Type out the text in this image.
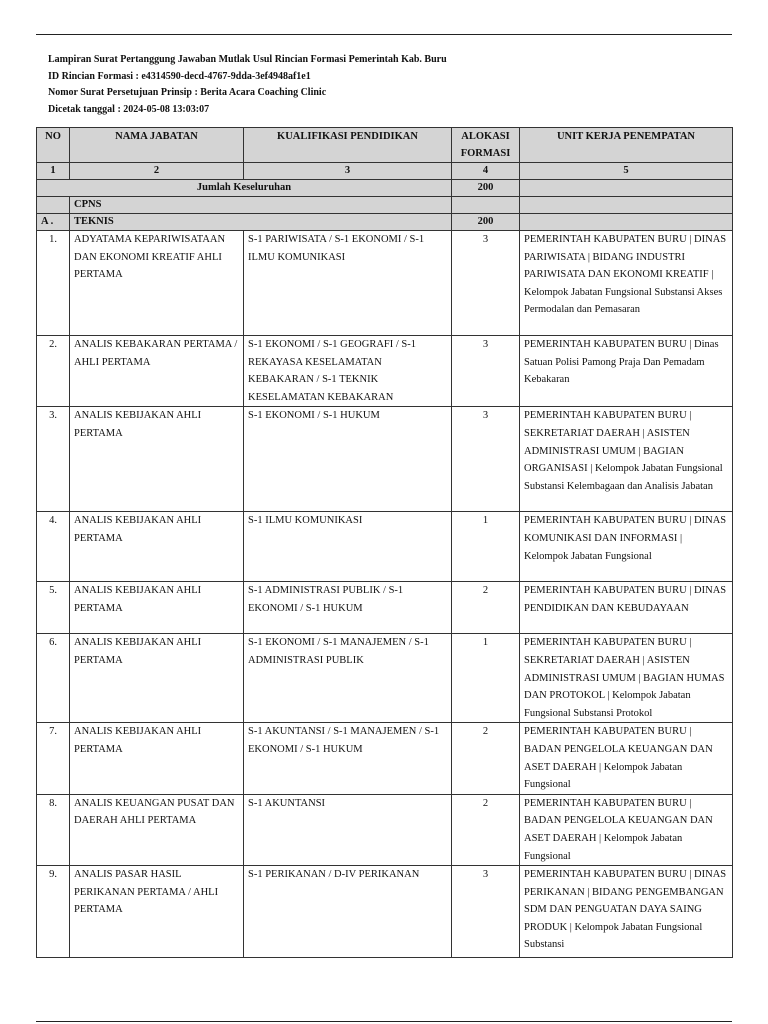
Lampiran Surat Pertanggung Jawaban Mutlak Usul Rincian Formasi Pemerintah Kab. Buru
ID Rincian Formasi : e4314590-decd-4767-9dda-3ef4948af1e1
Nomor Surat Persetujuan Prinsip : Berita Acara Coaching Clinic
Dicetak tanggal : 2024-05-08 13:03:07
NO	NAMA JABATAN	KUALIFIKASI PENDIDIKAN	ALOKASI FORMASI	UNIT KERJA PENEMPATAN
1	2	3	4	5
Jumlah Keseluruhan			200	
	CPNS			
A .	TEKNIS		200	
1.	ADYATAMA KEPARIWISATAAN DAN EKONOMI KREATIF AHLI PERTAMA	S-1 PARIWISATA / S-1 EKONOMI / S-1 ILMU KOMUNIKASI	3	PEMERINTAH KABUPATEN BURU | DINAS PARIWISATA | BIDANG INDUSTRI PARIWISATA DAN EKONOMI KREATIF | Kelompok Jabatan Fungsional Substansi Akses Permodalan dan Pemasaran
2.	ANALIS KEBAKARAN PERTAMA / AHLI PERTAMA	S-1 EKONOMI / S-1 GEOGRAFI / S-1 REKAYASA KESELAMATAN KEBAKARAN / S-1 TEKNIK KESELAMATAN KEBAKARAN	3	PEMERINTAH KABUPATEN BURU | Dinas Satuan Polisi Pamong Praja Dan Pemadam Kebakaran
3.	ANALIS KEBIJAKAN AHLI PERTAMA	S-1 EKONOMI / S-1 HUKUM	3	PEMERINTAH KABUPATEN BURU | SEKRETARIAT DAERAH | ASISTEN ADMINISTRASI UMUM | BAGIAN ORGANISASI | Kelompok Jabatan Fungsional Substansi Kelembagaan dan Analisis Jabatan
4.	ANALIS KEBIJAKAN AHLI PERTAMA	S-1 ILMU KOMUNIKASI	1	PEMERINTAH KABUPATEN BURU | DINAS KOMUNIKASI DAN INFORMASI | Kelompok Jabatan Fungsional
5.	ANALIS KEBIJAKAN AHLI PERTAMA	S-1 ADMINISTRASI PUBLIK / S-1 EKONOMI / S-1 HUKUM	2	PEMERINTAH KABUPATEN BURU | DINAS PENDIDIKAN DAN KEBUDAYAAN
6.	ANALIS KEBIJAKAN AHLI PERTAMA	S-1 EKONOMI / S-1 MANAJEMEN / S-1 ADMINISTRASI PUBLIK	1	PEMERINTAH KABUPATEN BURU | SEKRETARIAT DAERAH | ASISTEN ADMINISTRASI UMUM | BAGIAN HUMAS DAN PROTOKOL | Kelompok Jabatan Fungsional Substansi Protokol
7.	ANALIS KEBIJAKAN AHLI PERTAMA	S-1 AKUNTANSI / S-1 MANAJEMEN / S-1 EKONOMI / S-1 HUKUM	2	PEMERINTAH KABUPATEN BURU | BADAN PENGELOLA KEUANGAN DAN ASET DAERAH | Kelompok Jabatan Fungsional
8.	ANALIS KEUANGAN PUSAT DAN DAERAH AHLI PERTAMA	S-1 AKUNTANSI	2	PEMERINTAH KABUPATEN BURU | BADAN PENGELOLA KEUANGAN DAN ASET DAERAH | Kelompok Jabatan Fungsional
9.	ANALIS PASAR HASIL PERIKANAN PERTAMA / AHLI PERTAMA	S-1 PERIKANAN / D-IV PERIKANAN	3	PEMERINTAH KABUPATEN BURU | DINAS PERIKANAN | BIDANG PENGEMBANGAN SDM DAN PENGUATAN DAYA SAING PRODUK | Kelompok Jabatan Fungsional Substansi
